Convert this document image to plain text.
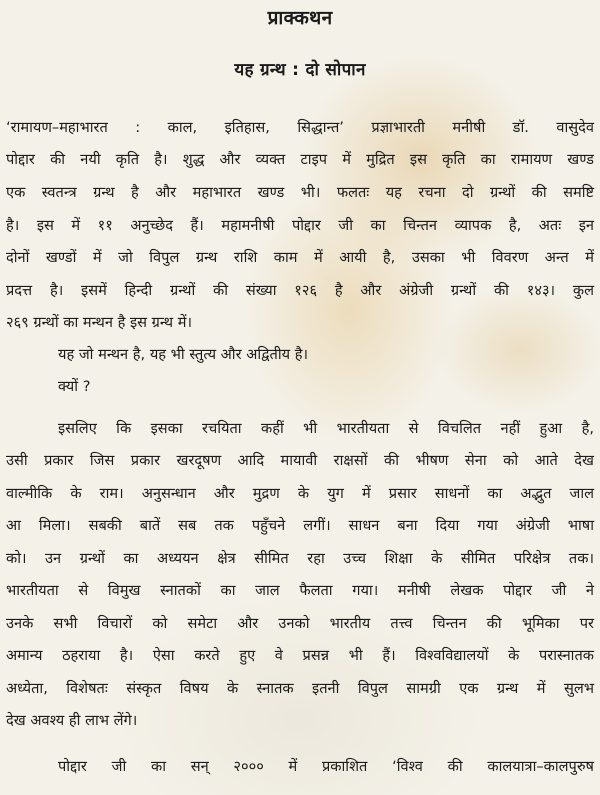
प्राक्कथन
यह ग्रन्थ : दो सोपान
‘रामायण–महाभारत : काल, इतिहास, सिद्धान्त’ प्रज्ञाभारती मनीषी डॉ. वासुदेव
पोद्दार की नयी कृति है। शुद्ध और व्यक्त टाइप में मुद्रित इस कृति का रामायण खण्ड
एक स्वतन्त्र ग्रन्थ है और महाभारत खण्ड भी। फलतः यह रचना दो ग्रन्थों की समष्टि
है। इस में ११ अनुच्छेद हैं। महामनीषी पोद्दार जी का चिन्तन व्यापक है, अतः इन
दोनों खण्डों में जो विपुल ग्रन्थ राशि काम में आयी है, उसका भी विवरण अन्त में
प्रदत्त है। इसमें हिन्दी ग्रन्थों की संख्या १२६ है और अंग्रेजी ग्रन्थों की १४३। कुल
२६९ ग्रन्थों का मन्थन है इस ग्रन्थ में।
यह जो मन्थन है, यह भी स्तुत्य और अद्वितीय है।
क्यों ?
इसलिए कि इसका रचयिता कहीं भी भारतीयता से विचलित नहीं हुआ है,
उसी प्रकार जिस प्रकार खरदूषण आदि मायावी राक्षसों की भीषण सेना को आते देख
वाल्मीकि के राम। अनुसन्धान और मुद्रण के युग में प्रसार साधनों का अद्भुत जाल
आ मिला। सबकी बातें सब तक पहुँचने लगीं। साधन बना दिया गया अंग्रेजी भाषा
को। उन ग्रन्थों का अध्ययन क्षेत्र सीमित रहा उच्च शिक्षा के सीमित परिक्षेत्र तक।
भारतीयता से विमुख स्नातकों का जाल फैलता गया। मनीषी लेखक पोद्दार जी ने
उनके सभी विचारों को समेटा और उनको भारतीय तत्त्व चिन्तन की भूमिका पर
अमान्य ठहराया है। ऐसा करते हुए वे प्रसन्न भी हैं। विश्वविद्यालयों के परास्नातक
अध्येता, विशेषतः संस्कृत विषय के स्नातक इतनी विपुल सामग्री एक ग्रन्थ में सुलभ
देख अवश्य ही लाभ लेंगे।
पोद्दार जी का सन् २००० में प्रकाशित ‘विश्व की कालयात्रा–कालपुरुष
